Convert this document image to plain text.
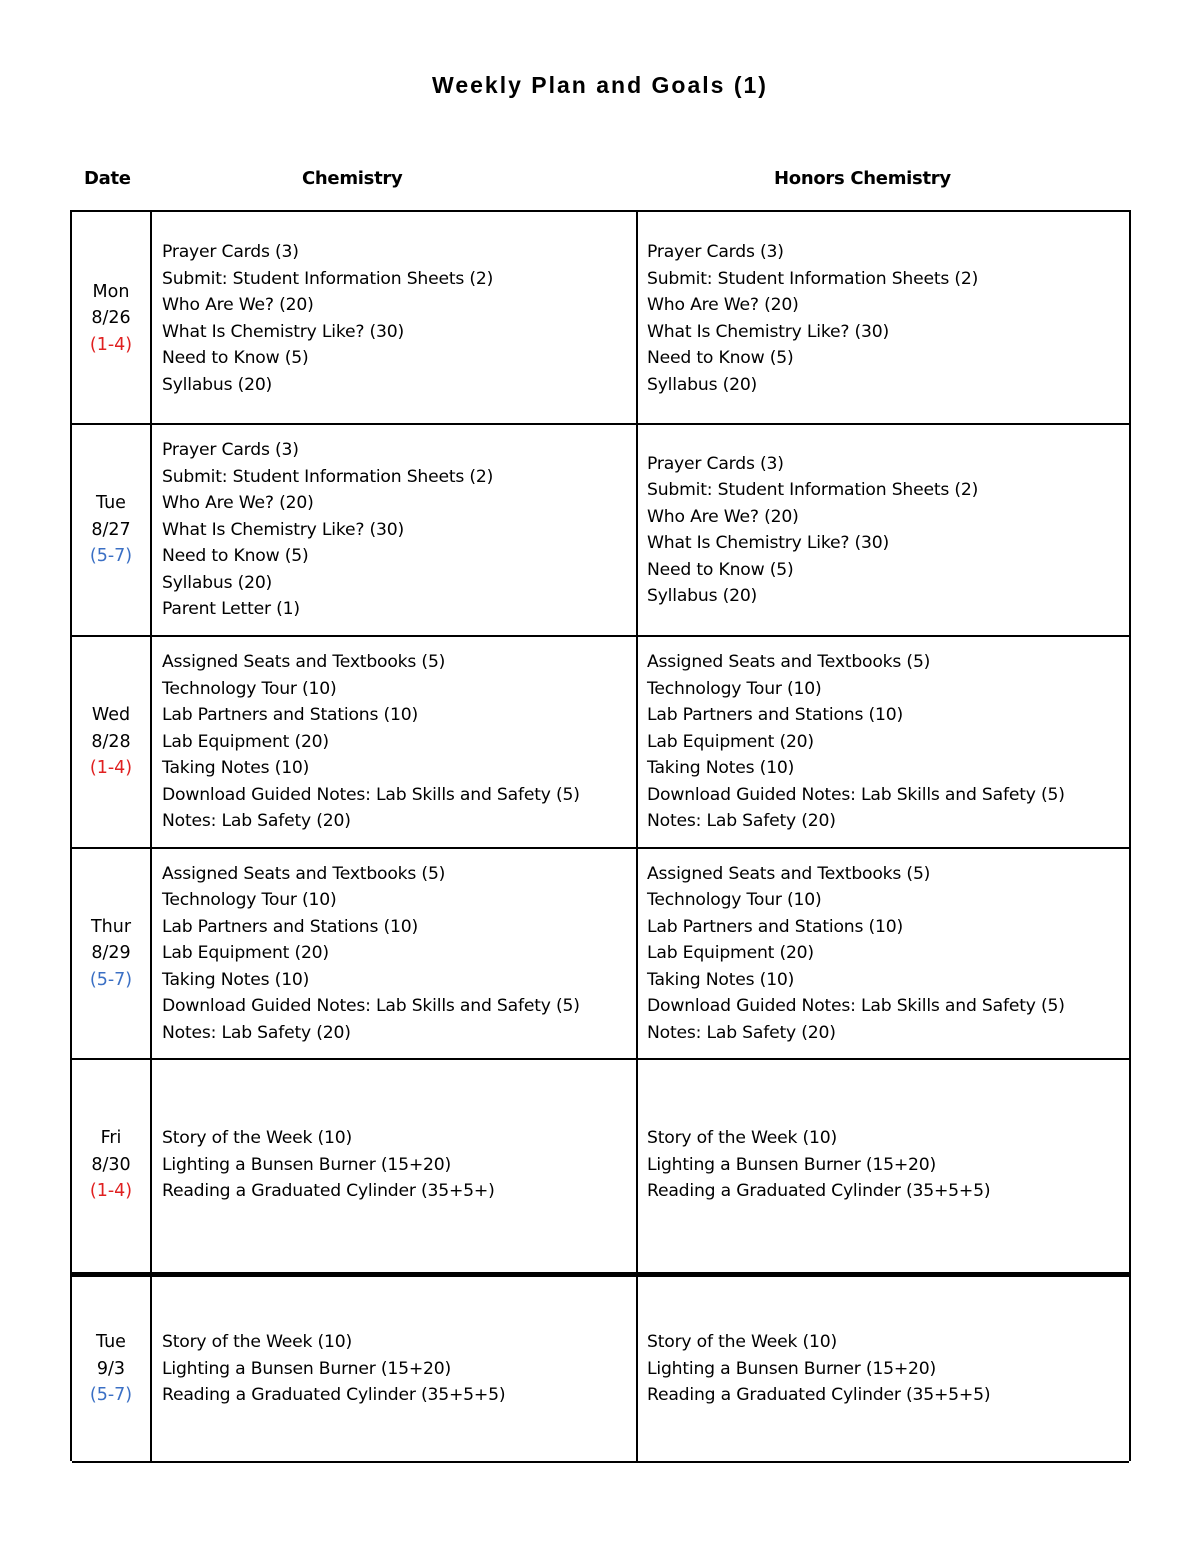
Weekly Plan and Goals (1)
Date	Chemistry	Honors Chemistry
Mon
8/26
(1-4)
Prayer Cards (3)
Submit: Student Information Sheets (2)
Who Are We? (20)
What Is Chemistry Like? (30)
Need to Know (5)
Syllabus (20)
Prayer Cards (3)
Submit: Student Information Sheets (2)
Who Are We? (20)
What Is Chemistry Like? (30)
Need to Know (5)
Syllabus (20)
Tue
8/27
(5-7)
Prayer Cards (3)
Submit: Student Information Sheets (2)
Who Are We? (20)
What Is Chemistry Like? (30)
Need to Know (5)
Syllabus (20)
Parent Letter (1)
Prayer Cards (3)
Submit: Student Information Sheets (2)
Who Are We? (20)
What Is Chemistry Like? (30)
Need to Know (5)
Syllabus (20)
Wed
8/28
(1-4)
Assigned Seats and Textbooks (5)
Technology Tour (10)
Lab Partners and Stations (10)
Lab Equipment (20)
Taking Notes (10)
Download Guided Notes: Lab Skills and Safety (5)
Notes: Lab Safety (20)
Assigned Seats and Textbooks (5)
Technology Tour (10)
Lab Partners and Stations (10)
Lab Equipment (20)
Taking Notes (10)
Download Guided Notes: Lab Skills and Safety (5)
Notes: Lab Safety (20)
Thur
8/29
(5-7)
Assigned Seats and Textbooks (5)
Technology Tour (10)
Lab Partners and Stations (10)
Lab Equipment (20)
Taking Notes (10)
Download Guided Notes: Lab Skills and Safety (5)
Notes: Lab Safety (20)
Assigned Seats and Textbooks (5)
Technology Tour (10)
Lab Partners and Stations (10)
Lab Equipment (20)
Taking Notes (10)
Download Guided Notes: Lab Skills and Safety (5)
Notes: Lab Safety (20)
Fri
8/30
(1-4)
Story of the Week (10)
Lighting a Bunsen Burner (15+20)
Reading a Graduated Cylinder (35+5+)
Story of the Week (10)
Lighting a Bunsen Burner (15+20)
Reading a Graduated Cylinder (35+5+5)
Tue
9/3
(5-7)
Story of the Week (10)
Lighting a Bunsen Burner (15+20)
Reading a Graduated Cylinder (35+5+5)
Story of the Week (10)
Lighting a Bunsen Burner (15+20)
Reading a Graduated Cylinder (35+5+5)
